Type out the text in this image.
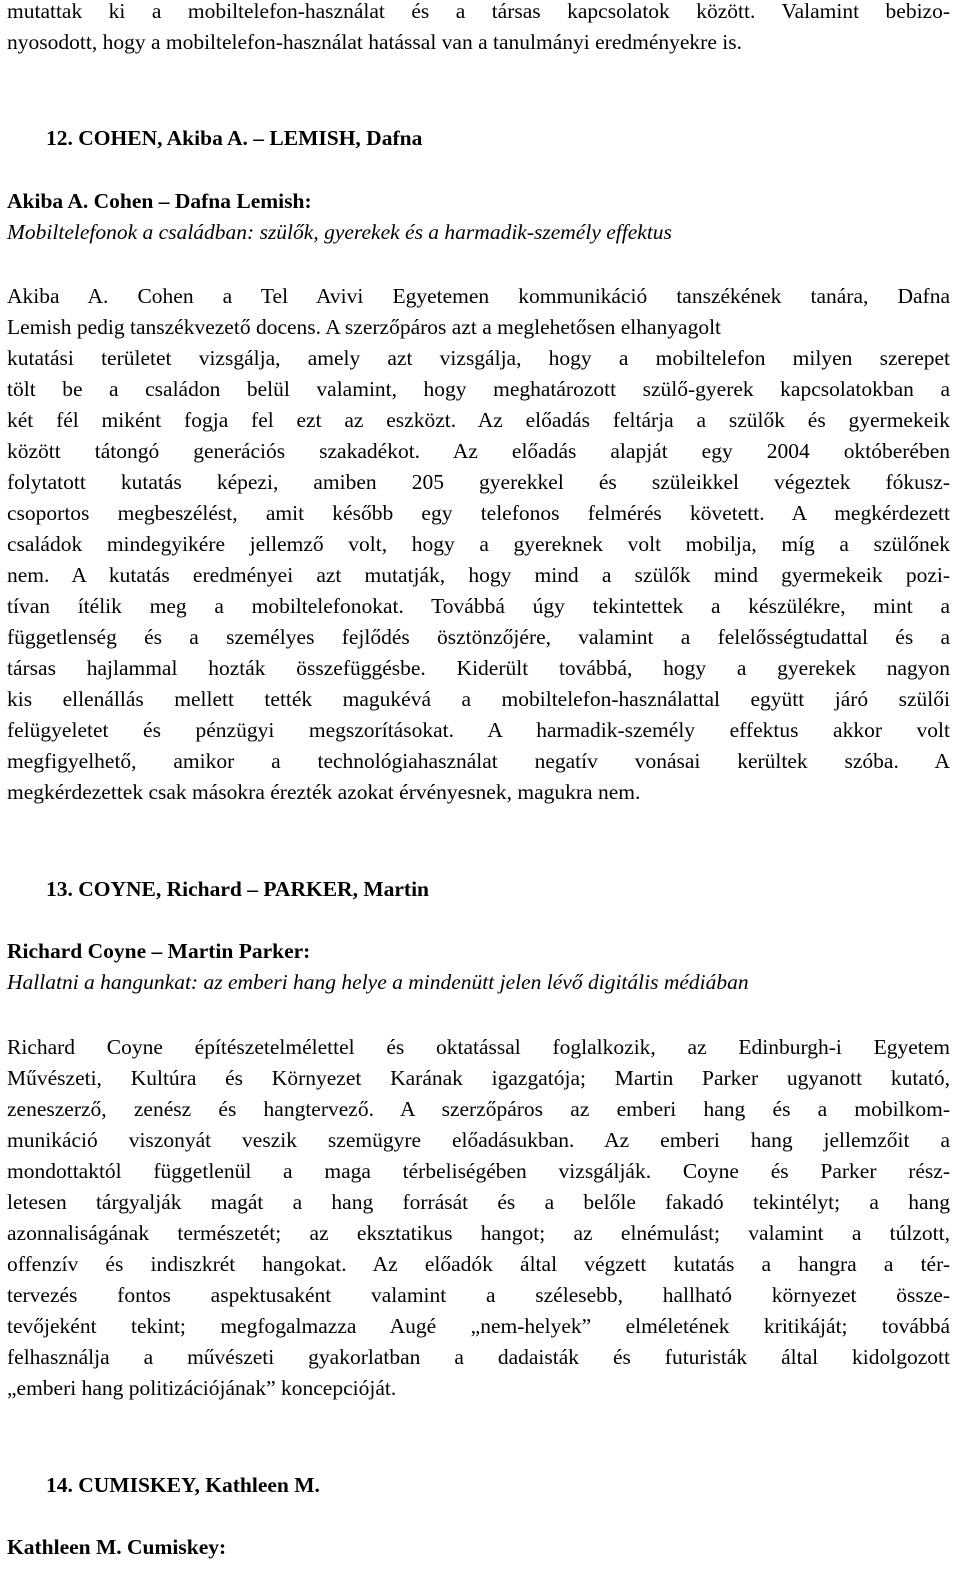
mutattak ki a mobiltelefon-használat és a társas kapcsolatok között. Valamint bebizo-
nyosodott, hogy a mobiltelefon-használat hatással van a tanulmányi eredményekre is.
12. COHEN, Akiba A. – LEMISH, Dafna
Akiba A. Cohen – Dafna Lemish:
Mobiltelefonok a családban: szülők, gyerekek és a harmadik-személy effektus
Akiba A. Cohen a Tel Avivi Egyetemen kommunikáció tanszékének tanára, Dafna
Lemish pedig tanszékvezető docens. A szerzőpáros azt a meglehetősen elhanyagolt
kutatási területet vizsgálja, amely azt vizsgálja, hogy a mobiltelefon milyen szerepet
tölt be a családon belül valamint, hogy meghatározott szülő-gyerek kapcsolatokban a
két fél miként fogja fel ezt az eszközt. Az előadás feltárja a szülők és gyermekeik
között tátongó generációs szakadékot. Az előadás alapját egy 2004 októberében
folytatott kutatás képezi, amiben 205 gyerekkel és szüleikkel végeztek fókusz-
csoportos megbeszélést, amit később egy telefonos felmérés követett. A megkérdezett
családok mindegyikére jellemző volt, hogy a gyereknek volt mobilja, míg a szülőnek
nem. A kutatás eredményei azt mutatják, hogy mind a szülők mind gyermekeik pozi-
tívan ítélik meg a mobiltelefonokat. Továbbá úgy tekintettek a készülékre, mint a
függetlenség és a személyes fejlődés ösztönzőjére, valamint a felelősségtudattal és a
társas hajlammal hozták összefüggésbe. Kiderült továbbá, hogy a gyerekek nagyon
kis ellenállás mellett tették magukévá a mobiltelefon-használattal együtt járó szülői
felügyeletet és pénzügyi megszorításokat. A harmadik-személy effektus akkor volt
megfigyelhető, amikor a technológiahasználat negatív vonásai kerültek szóba. A
megkérdezettek csak másokra érezték azokat érvényesnek, magukra nem.
13. COYNE, Richard – PARKER, Martin
Richard Coyne – Martin Parker:
Hallatni a hangunkat: az emberi hang helye a mindenütt jelen lévő digitális médiában
Richard Coyne építészetelmélettel és oktatással foglalkozik, az Edinburgh-i Egyetem
Művészeti, Kultúra és Környezet Karának igazgatója; Martin Parker ugyanott kutató,
zeneszerző, zenész és hangtervező. A szerzőpáros az emberi hang és a mobilkom-
munikáció viszonyát veszik szemügyre előadásukban. Az emberi hang jellemzőit a
mondottaktól függetlenül a maga térbeliségében vizsgálják. Coyne és Parker rész-
letesen tárgyalják magát a hang forrását és a belőle fakadó tekintélyt; a hang
azonnaliságának természetét; az eksztatikus hangot; az elnémulást; valamint a túlzott,
offenzív és indiszkrét hangokat. Az előadók által végzett kutatás a hangra a tér-
tervezés fontos aspektusaként valamint a szélesebb, hallható környezet össze-
tevőjeként tekint; megfogalmazza Augé „nem-helyek” elméletének kritikáját; továbbá
felhasználja a művészeti gyakorlatban a dadaisták és futuristák által kidolgozott
„emberi hang politizációjának” koncepcióját.
14. CUMISKEY, Kathleen M.
Kathleen M. Cumiskey:
